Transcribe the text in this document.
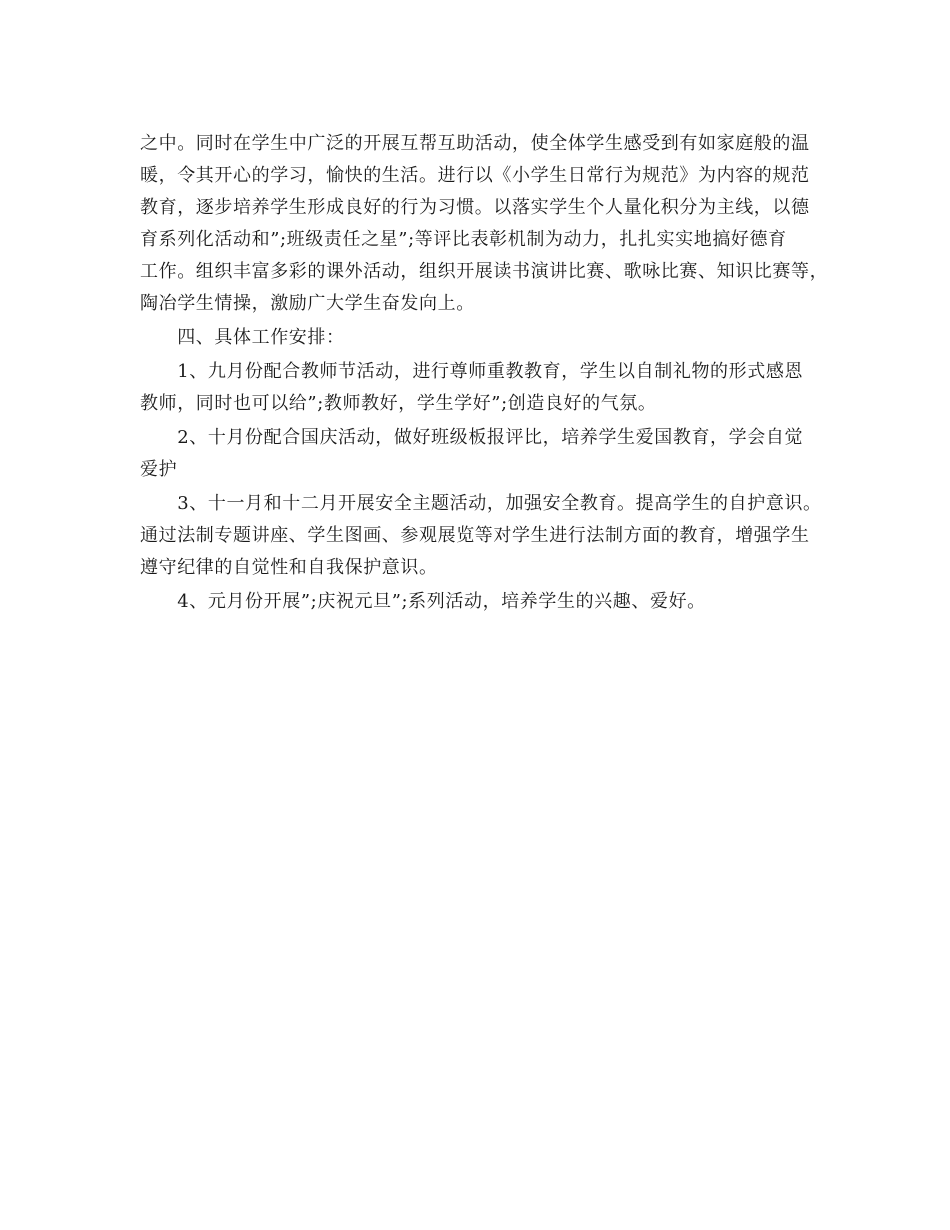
之中。同时在学生中广泛的开展互帮互助活动，使全体学生感受到有如家庭般的温
暖，令其开心的学习，愉快的生活。进行以《小学生日常行为规范》为内容的规范
教育，逐步培养学生形成良好的行为习惯。以落实学生个人量化积分为主线，以德
育系列化活动和”;班级责任之星”;等评比表彰机制为动力，扎扎实实地搞好德育
工作。组织丰富多彩的课外活动，组织开展读书演讲比赛、歌咏比赛、知识比赛等，
陶冶学生情操，激励广大学生奋发向上。
　　四、具体工作安排：
　　1、九月份配合教师节活动，进行尊师重教教育，学生以自制礼物的形式感恩
教师，同时也可以给”;教师教好，学生学好”;创造良好的气氛。
　　2、十月份配合国庆活动，做好班级板报评比，培养学生爱国教育，学会自觉
爱护
　　3、十一月和十二月开展安全主题活动，加强安全教育。提高学生的自护意识。
通过法制专题讲座、学生图画、参观展览等对学生进行法制方面的教育，增强学生
遵守纪律的自觉性和自我保护意识。
　　4、元月份开展”;庆祝元旦”;系列活动，培养学生的兴趣、爱好。
